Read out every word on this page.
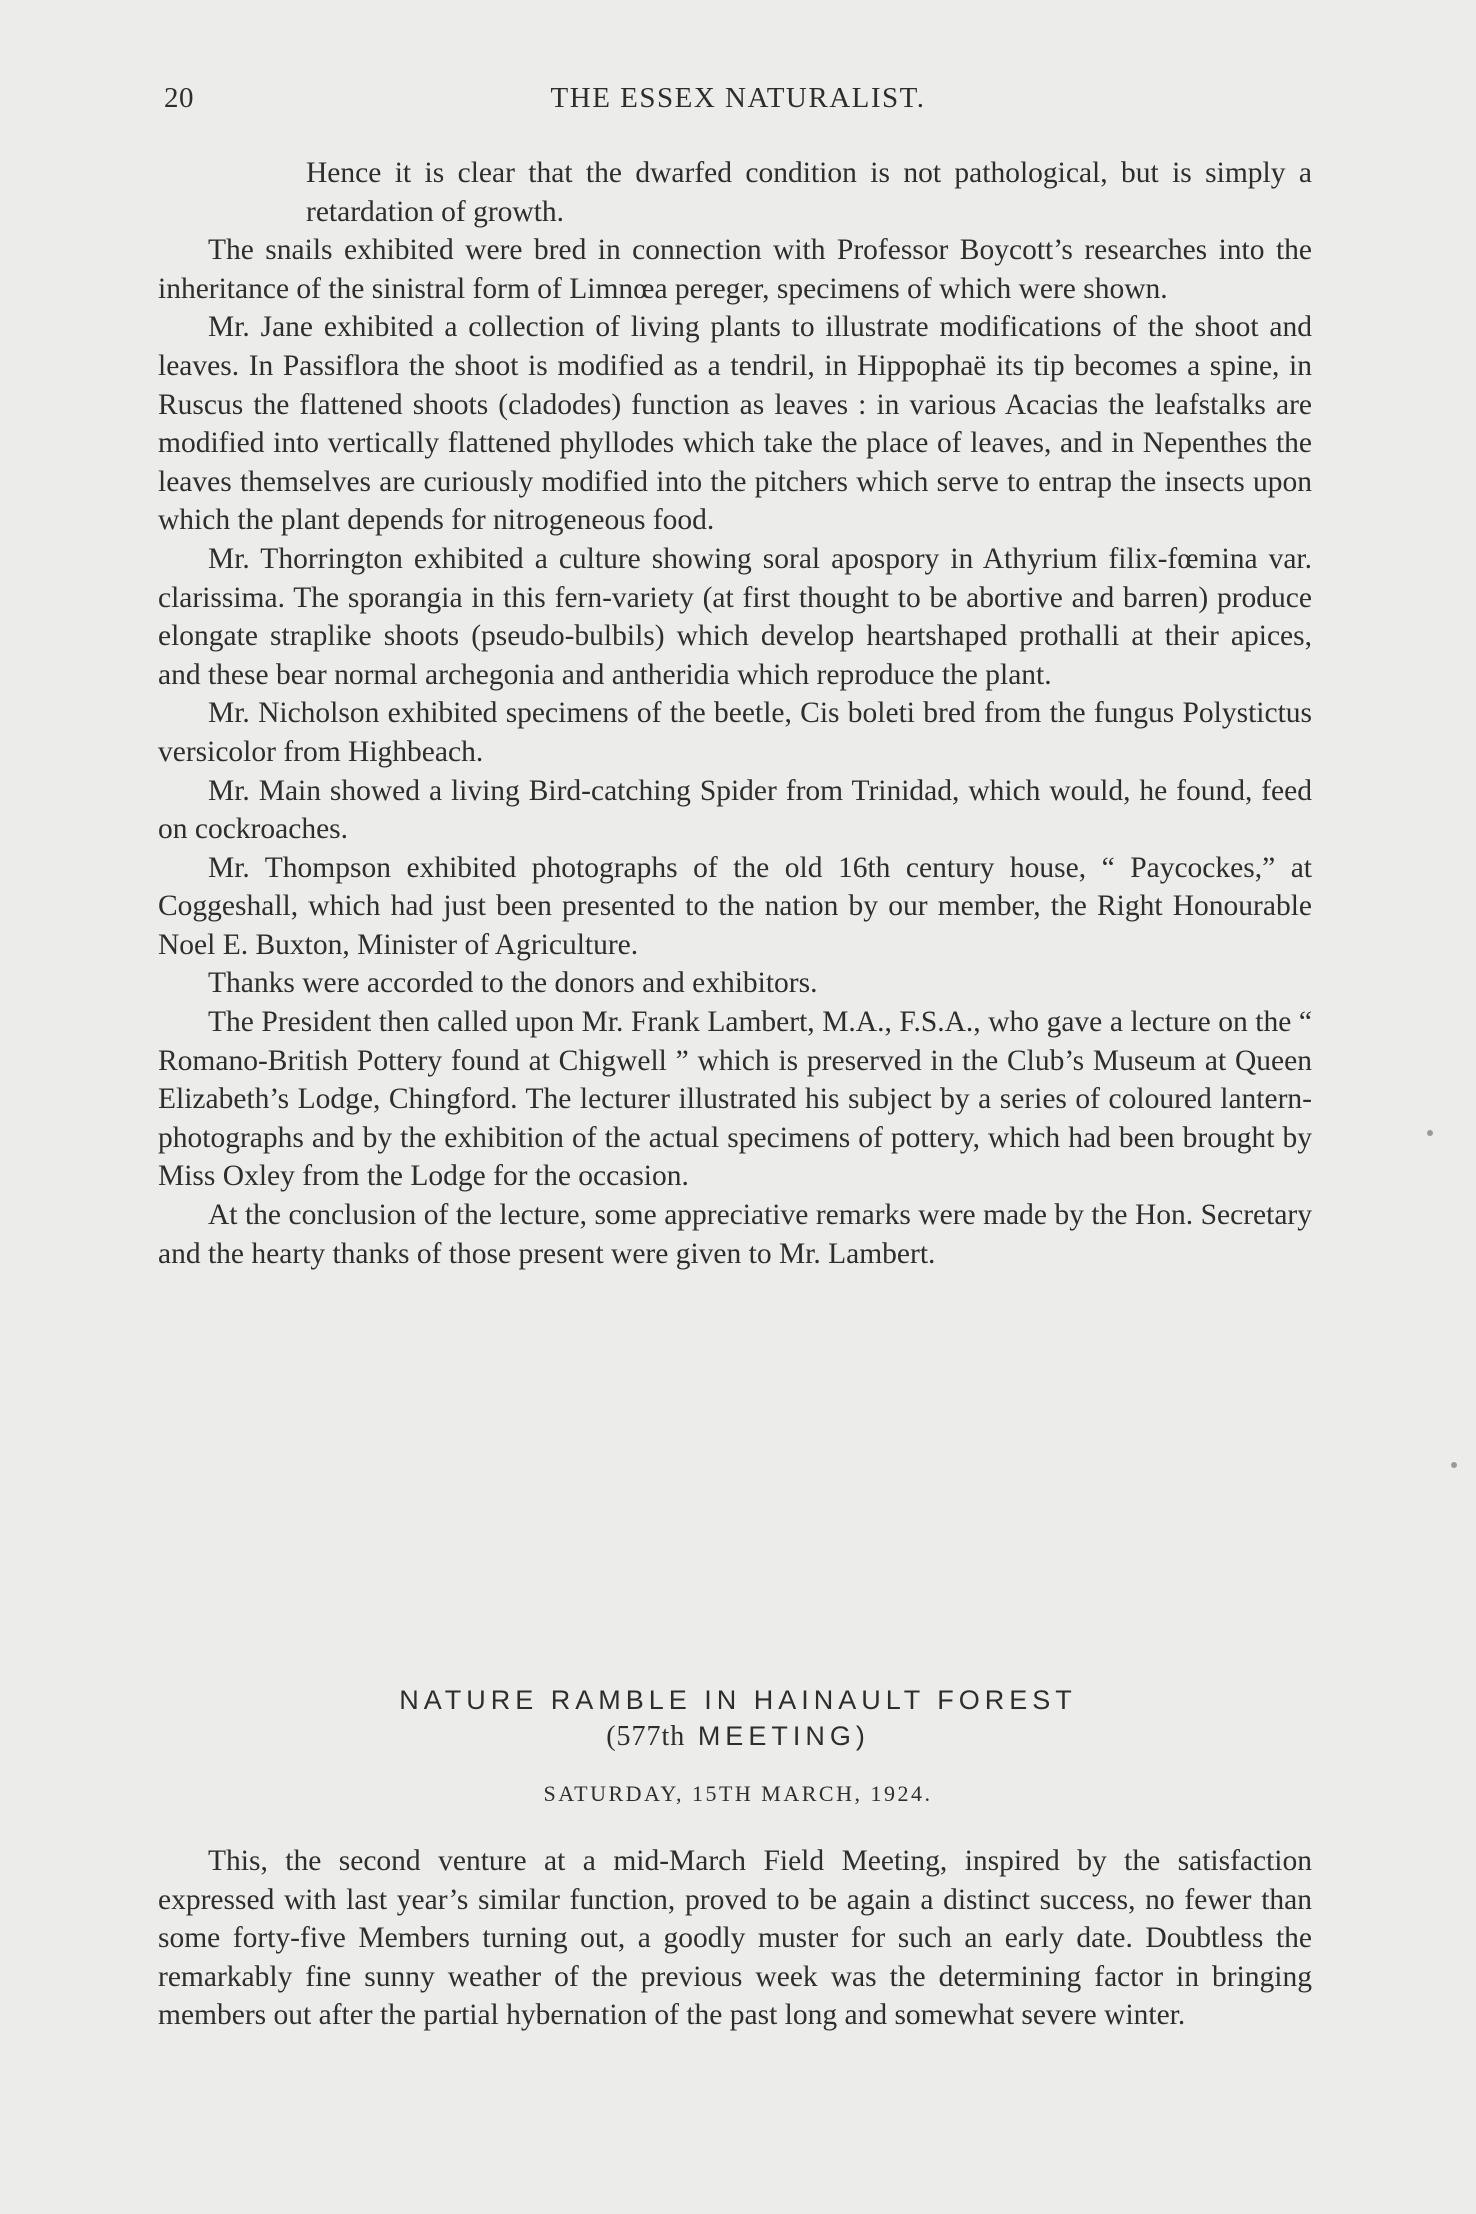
20	THE ESSEX NATURALIST.

Hence it is clear that the dwarfed condition is not pathological, but is simply a retardation of growth.

The snails exhibited were bred in connection with Professor Boycott’s researches into the inheritance of the sinistral form of Limnœa pereger, specimens of which were shown.

Mr. Jane exhibited a collection of living plants to illustrate modifications of the shoot and leaves. In Passiflora the shoot is modified as a tendril, in Hippophaë its tip becomes a spine, in Ruscus the flattened shoots (cladodes) function as leaves : in various Acacias the leafstalks are modified into vertically flattened phyllodes which take the place of leaves, and in Nepenthes the leaves themselves are curiously modified into the pitchers which serve to entrap the insects upon which the plant depends for nitrogeneous food.

Mr. Thorrington exhibited a culture showing soral apospory in Athyrium filix-fœmina var. clarissima. The sporangia in this fern-variety (at first thought to be abortive and barren) produce elongate straplike shoots (pseudo-bulbils) which develop heartshaped prothalli at their apices, and these bear normal archegonia and antheridia which reproduce the plant.

Mr. Nicholson exhibited specimens of the beetle, Cis boleti bred from the fungus Polystictus versicolor from Highbeach.

Mr. Main showed a living Bird-catching Spider from Trinidad, which would, he found, feed on cockroaches.

Mr. Thompson exhibited photographs of the old 16th century house, “ Paycockes,” at Coggeshall, which had just been presented to the nation by our member, the Right Honourable Noel E. Buxton, Minister of Agriculture.

Thanks were accorded to the donors and exhibitors.

The President then called upon Mr. Frank Lambert, M.A., F.S.A., who gave a lecture on the “ Romano-British Pottery found at Chigwell ” which is preserved in the Club’s Museum at Queen Elizabeth’s Lodge, Chingford. The lecturer illustrated his subject by a series of coloured lantern-photographs and by the exhibition of the actual specimens of pottery, which had been brought by Miss Oxley from the Lodge for the occasion.

At the conclusion of the lecture, some appreciative remarks were made by the Hon. Secretary and the hearty thanks of those present were given to Mr. Lambert.

NATURE RAMBLE IN HAINAULT FOREST
(577th MEETING)

SATURDAY, 15TH MARCH, 1924.

This, the second venture at a mid-March Field Meeting, inspired by the satisfaction expressed with last year’s similar function, proved to be again a distinct success, no fewer than some forty-five Members turning out, a goodly muster for such an early date. Doubtless the remarkably fine sunny weather of the previous week was the determining factor in bringing members out after the partial hybernation of the past long and somewhat severe winter.
